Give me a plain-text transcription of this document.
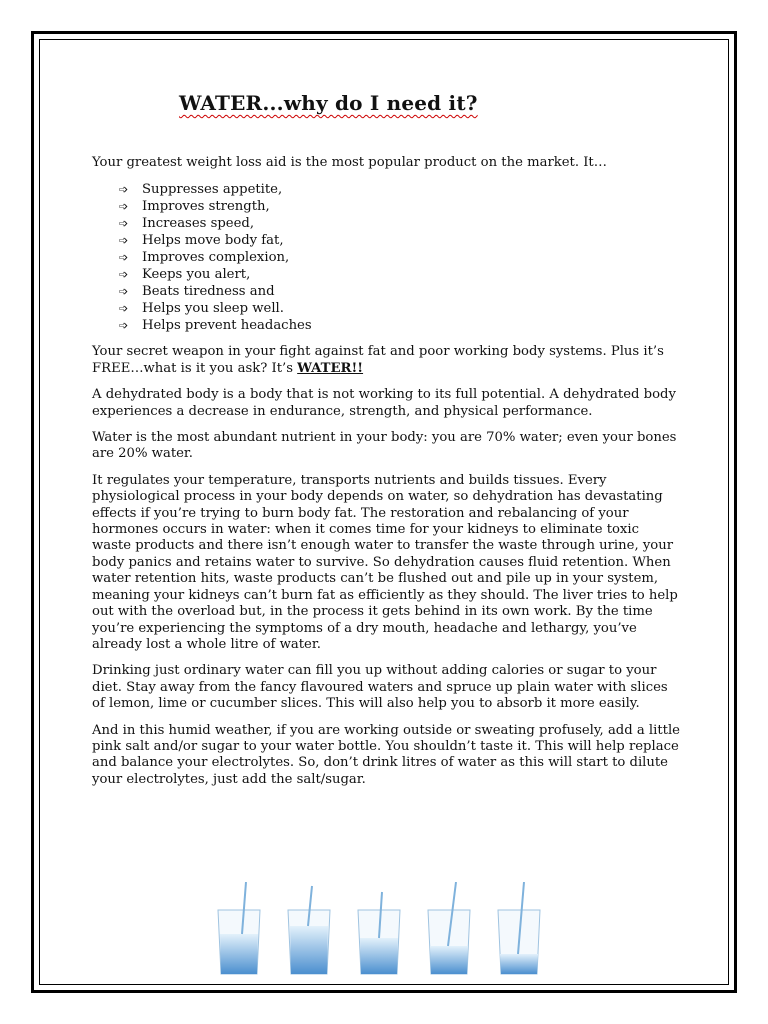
WATER...why do I need it?

Your greatest weight loss aid is the most popular product on the market. It…

➩	Suppresses appetite,
➩	Improves strength,
➩	Increases speed,
➩	Helps move body fat,
➩	Improves complexion,
➩	Keeps you alert,
➩	Beats tiredness and
➩	Helps you sleep well.
➩	Helps prevent headaches

Your secret weapon in your fight against fat and poor working body systems. Plus it’s FREE…what is it you ask? It’s WATER!!

A dehydrated body is a body that is not working to its full potential. A dehydrated body experiences a decrease in endurance, strength, and physical performance.

Water is the most abundant nutrient in your body: you are 70% water; even your bones are 20% water.

It regulates your temperature, transports nutrients and builds tissues. Every physiological process in your body depends on water, so dehydration has devastating effects if you’re trying to burn body fat. The restoration and rebalancing of your hormones occurs in water: when it comes time for your kidneys to eliminate toxic waste products and there isn’t enough water to transfer the waste through urine, your body panics and retains water to survive. So dehydration causes fluid retention. When water retention hits, waste products can’t be flushed out and pile up in your system, meaning your kidneys can’t burn fat as efficiently as they should. The liver tries to help out with the overload but, in the process it gets behind in its own work. By the time you’re experiencing the symptoms of a dry mouth, headache and lethargy, you’ve already lost a whole litre of water.

Drinking just ordinary water can fill you up without adding calories or sugar to your diet. Stay away from the fancy flavoured waters and spruce up plain water with slices of lemon, lime or cucumber slices. This will also help you to absorb it more easily.

And in this humid weather, if you are working outside or sweating profusely, add a little pink salt and/or sugar to your water bottle. You shouldn’t taste it. This will help replace and balance your electrolytes. So, don’t drink litres of water as this will start to dilute your electrolytes, just add the salt/sugar.
